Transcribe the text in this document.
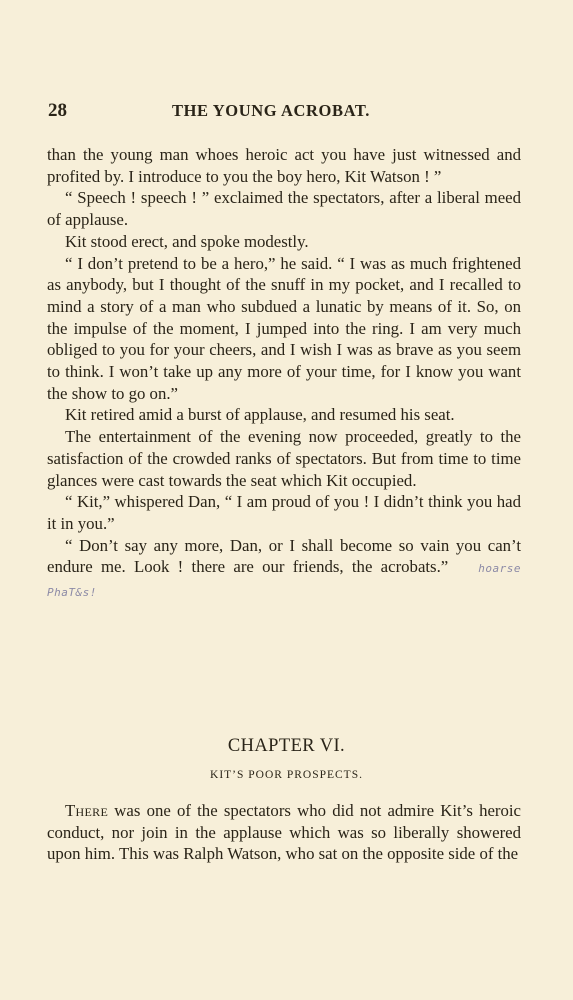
28	THE YOUNG ACROBAT.

than the young man whoes heroic act you have just witnessed and profited by. I introduce to you the boy hero, Kit Watson ! ”

“ Speech ! speech ! ” exclaimed the spectators, after a liberal meed of applause.

Kit stood erect, and spoke modestly.

“ I don’t pretend to be a hero,” he said. “ I was as much frightened as anybody, but I thought of the snuff in my pocket, and I recalled to mind a story of a man who subdued a lunatic by means of it. So, on the impulse of the moment, I jumped into the ring. I am very much obliged to you for your cheers, and I wish I was as brave as you seem to think. I won’t take up any more of your time, for I know you want the show to go on.”

Kit retired amid a burst of applause, and resumed his seat.

The entertainment of the evening now proceeded, greatly to the satisfaction of the crowded ranks of spectators. But from time to time glances were cast towards the seat which Kit occupied.

“ Kit,” whispered Dan, “ I am proud of you ! I didn’t think you had it in you.”

“ Don’t say any more, Dan, or I shall become so vain you can’t endure me. Look ! there are our friends, the acrobats.”	hoarse PhaT&s!

CHAPTER VI.
KIT’S POOR PROSPECTS.

There was one of the spectators who did not admire Kit’s heroic conduct, nor join in the applause which was so liberally showered upon him. This was Ralph Watson, who sat on the opposite side of the
